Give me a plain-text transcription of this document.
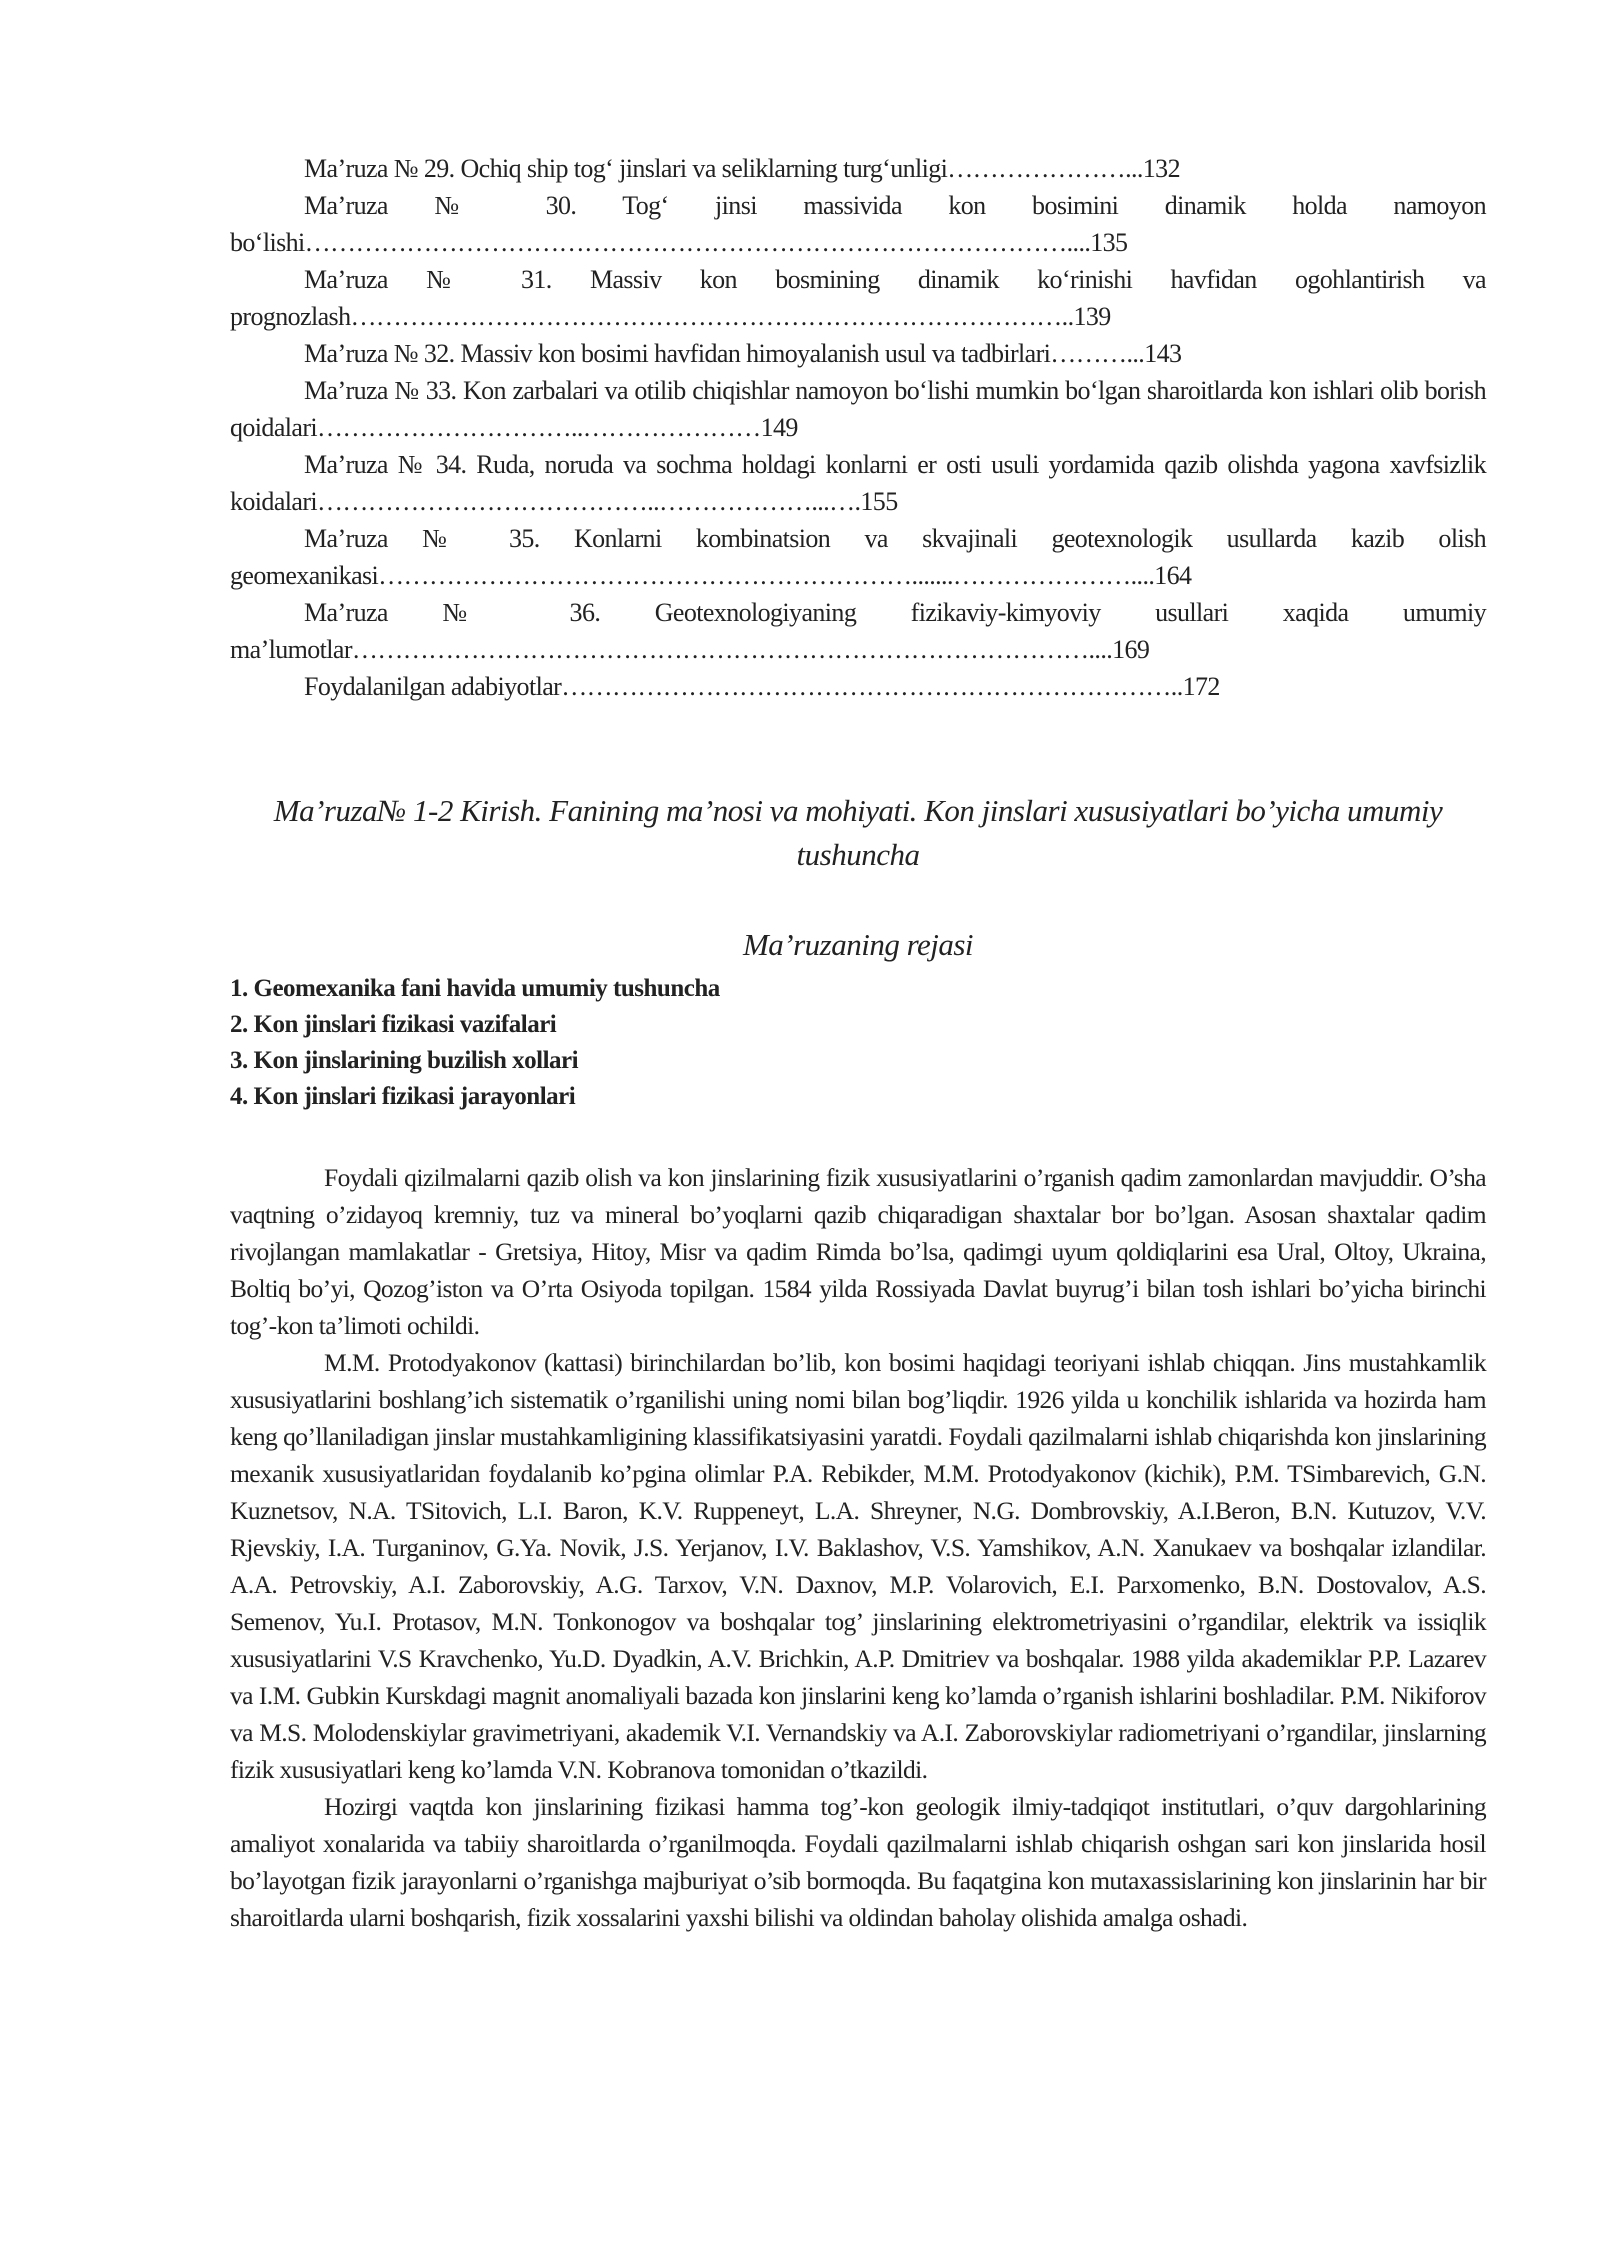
Ma’ruza № 29. Ochiq ship tog‘ jinslari va seliklarning turg‘unligi…………………...132

Ma’ruza № 30. Tog‘ jinsi massivida kon bosimini dinamik holda namoyon bo‘lishi………………………………………………………………………………....135

Ma’ruza № 31. Massiv kon bosmining dinamik ko‘rinishi havfidan ogohlantirish va prognozlash…………………………………………………………………………..139

Ma’ruza № 32. Massiv kon bosimi havfidan himoyalanish usul va tadbirlari………...143

Ma’ruza № 33. Kon zarbalari va otilib chiqishlar namoyon bo‘lishi mumkin bo‘lgan sharoitlarda kon ishlari olib borish qoidalari…………………………..…………………149

Ma’ruza № 34. Ruda, noruda va sochma holdagi konlarni er osti usuli yordamida qazib olishda yagona xavfsizlik koidalari…………………………………..………………...….155

Ma’ruza № 35. Konlarni kombinatsion va skvajinali geotexnologik usullarda kazib olish geomexanikasi……………………………………………………….......…………………....164

Ma’ruza № 36. Geotexnologiyaning fizikaviy-kimyoviy usullari xaqida umumiy ma’lumotlar……………………………………………………………………………....169

Foydalanilgan adabiyotlar………………………………………………………………..172

Ma’ruza№ 1-2 Kirish. Fanining ma’nosi va mohiyati. Kon jinslari xususiyatlari bo’yicha umumiy tushuncha

Ma’ruzaning rejasi

1. Geomexanika fani havida umumiy tushuncha
2. Kon jinslari fizikasi vazifalari
3. Kon jinslarining buzilish xollari
4. Kon jinslari fizikasi jarayonlari

Foydali qizilmalarni qazib olish va kon jinslarining fizik xususiyatlarini o’rganish qadim zamonlardan mavjuddir. O’sha vaqtning o’zidayoq kremniy, tuz va mineral bo’yoqlarni qazib chiqaradigan shaxtalar bor bo’lgan. Asosan shaxtalar qadim rivojlangan mamlakatlar - Gretsiya, Hitoy, Misr va qadim Rimda bo’lsa, qadimgi uyum qoldiqlarini esa Ural, Oltoy, Ukraina, Boltiq bo’yi, Qozog’iston va O’rta Osiyoda topilgan. 1584 yilda Rossiyada Davlat buyrug’i bilan tosh ishlari bo’yicha birinchi tog’-kon ta’limoti ochildi.

M.M. Protodyakonov (kattasi) birinchilardan bo’lib, kon bosimi haqidagi teoriyani ishlab chiqqan. Jins mustahkamlik xususiyatlarini boshlang’ich sistematik o’rganilishi uning nomi bilan bog’liqdir. 1926 yilda u konchilik ishlarida va hozirda ham keng qo’llaniladigan jinslar mustahkamligining klassifikatsiyasini yaratdi. Foydali qazilmalarni ishlab chiqarishda kon jinslarining mexanik xususiyatlaridan foydalanib ko’pgina olimlar P.A. Rebikder, M.M. Protodyakonov (kichik), P.M. TSimbarevich, G.N. Kuznetsov, N.A. TSitovich, L.I. Baron, K.V. Ruppeneyt, L.A. Shreyner, N.G. Dombrovskiy, A.I.Beron, B.N. Kutuzov, V.V. Rjevskiy, I.A. Turganinov, G.Ya. Novik, J.S. Yerjanov, I.V. Baklashov, V.S. Yamshikov, A.N. Xanukaev va boshqalar izlandilar. A.A. Petrovskiy, A.I. Zaborovskiy, A.G. Tarxov, V.N. Daxnov, M.P. Volarovich, E.I. Parxomenko, B.N. Dostovalov, A.S. Semenov, Yu.I. Protasov, M.N. Tonkonogov va boshqalar tog’ jinslarining elektrometriyasini o’rgandilar, elektrik va issiqlik xususiyatlarini V.S Kravchenko, Yu.D. Dyadkin, A.V. Brichkin, A.P. Dmitriev va boshqalar. 1988 yilda akademiklar P.P. Lazarev va I.M. Gubkin Kurskdagi magnit anomaliyali bazada kon jinslarini keng ko’lamda o’rganish ishlarini boshladilar. P.M. Nikiforov va M.S. Molodenskiylar gravimetriyani, akademik V.I. Vernandskiy va A.I. Zaborovskiylar radiometriyani o’rgandilar, jinslarning fizik xususiyatlari keng ko’lamda V.N. Kobranova tomonidan o’tkazildi.

Hozirgi vaqtda kon jinslarining fizikasi hamma tog’-kon geologik ilmiy-tadqiqot institutlari, o’quv dargohlarining amaliyot xonalarida va tabiiy sharoitlarda o’rganilmoqda. Foydali qazilmalarni ishlab chiqarish oshgan sari kon jinslarida hosil bo’layotgan fizik jarayonlarni o’rganishga majburiyat o’sib bormoqda. Bu faqatgina kon mutaxassislarining kon jinslarinin har bir sharoitlarda ularni boshqarish, fizik xossalarini yaxshi bilishi va oldindan baholay olishida amalga oshadi.
